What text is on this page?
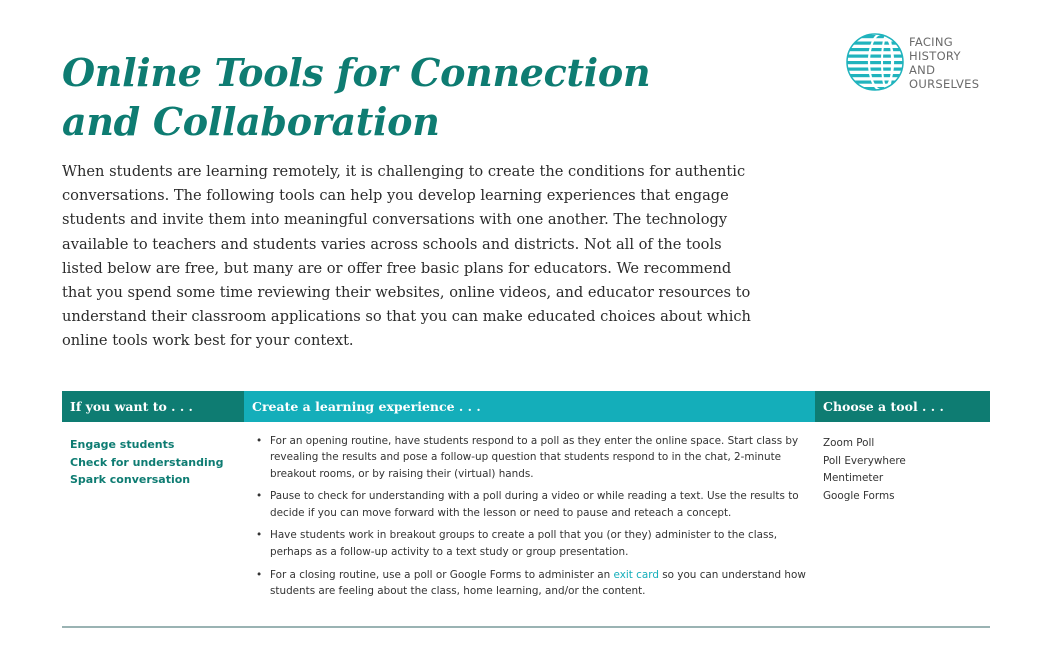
Online Tools for Connection and Collaboration
FACING
HISTORY
AND
OURSELVES

When students are learning remotely, it is challenging to create the conditions for authentic conversations. The following tools can help you develop learning experiences that engage students and invite them into meaningful conversations with one another. The technology available to teachers and students varies across schools and districts. Not all of the tools listed below are free, but many are or offer free basic plans for educators. We recommend that you spend some time reviewing their websites, online videos, and educator resources to understand their classroom applications so that you can make educated choices about which online tools work best for your context.

If you want to . . .	Create a learning experience . . .	Choose a tool . . .
Engage students
Check for understanding
Spark conversation
• For an opening routine, have students respond to a poll as they enter the online space. Start class by revealing the results and pose a follow-up question that students respond to in the chat, 2-minute breakout rooms, or by raising their (virtual) hands.
• Pause to check for understanding with a poll during a video or while reading a text. Use the results to decide if you can move forward with the lesson or need to pause and reteach a concept.
• Have students work in breakout groups to create a poll that you (or they) administer to the class, perhaps as a follow-up activity to a text study or group presentation.
• For a closing routine, use a poll or Google Forms to administer an exit card so you can understand how students are feeling about the class, home learning, and/or the content.
Zoom Poll
Poll Everywhere
Mentimeter
Google Forms
